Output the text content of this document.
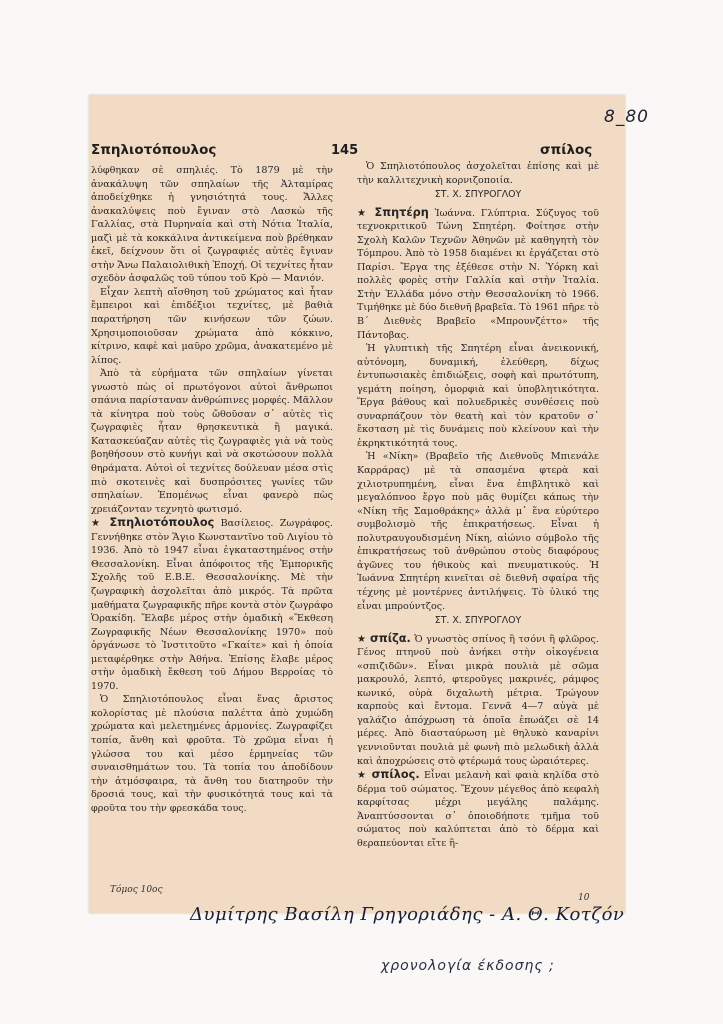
8_80
Σπηλιοτόπουλος	145	σπίλος

λύφθηκαν σὲ σπηλιές. Τὸ 1879 μὲ τὴν ἀνακάλυψη τῶν σπηλαίων τῆς Ἀλταμίρας ἀποδείχθηκε ἡ γνησιότητά τους. Ἄλλες ἀνακαλύψεις ποὺ ἔγιναν στὸ Λασκὼ τῆς Γαλλίας, στὰ Πυρηναία καὶ στὴ Νότια Ἰταλία, μαζὶ μὲ τὰ κοκκάλινα ἀντικείμενα ποὺ βρέθηκαν ἐκεῖ, δείχνουν ὅτι οἱ ζωγραφιές αὐτὲς ἔγιναν στὴν Ἄνω Παλαιολιθικὴ Ἐποχή. Οἱ τεχνίτες ἦταν σχεδὸν ἀσφαλῶς τοῦ τύπου τοῦ Κρὸ — Μανιόν.

Εἶχαν λεπτὴ αἴσθηση τοῦ χρώματος καὶ ἦταν ἔμπειροι καὶ ἐπιδέξιοι τεχνίτες, μὲ βαθιὰ παρατήρηση τῶν κινήσεων τῶν ζώων. Χρησιμοποιοῦσαν χρώματα ἀπὸ κόκκινο, κίτρινο, καφὲ καὶ μαῦρο χρῶμα, ἀνακατεμένο μὲ λίπος.

Ἀπὸ τὰ εὑρήματα τῶν σπηλαίων γίνεται γνωστὸ πὼς οἱ πρωτόγονοι αὐτοὶ ἄνθρωποι σπάνια παρίσταναν ἀνθρώπινες μορφές. Μᾶλλον τὰ κίνητρα ποὺ τοὺς ὤθοῦσαν σ᾽ αὐτὲς τὶς ζωγραφιὲς ἦταν θρησκευτικὰ ἢ μαγικά. Κατασκεύαζαν αὐτὲς τὶς ζωγραφιὲς γιὰ νὰ τοὺς βοηθήσουν στὸ κυνήγι καὶ νὰ σκοτώσουν πολλὰ θηράματα. Αὐτοὶ οἱ τεχνίτες δούλευαν μέσα στὶς πιὸ σκοτεινὲς καὶ δυσπρόσιτες γωνίες τῶν σπηλαίων. Ἑπομένως εἶναι φανερὸ πὼς χρειάζονταν τεχνητὸ φωτισμό.

★ Σπηλιοτόπουλος Βασίλειος. Ζωγράφος. Γεννήθηκε στὸν Ἅγιο Κωνσταντῖνο τοῦ Λιγίου τὸ 1936. Ἀπὸ τὸ 1947 εἶναι ἐγκαταστημένος στὴν Θεσσαλονίκη. Εἶναι ἀπόφοιτος τῆς Ἐμπορικῆς Σχολῆς τοῦ Ε.Β.Ε. Θεσσαλονίκης. Μὲ τὴν ζωγραφικὴ ἀσχολεῖται ἀπὸ μικρός. Τὰ πρῶτα μαθήματα ζωγραφικῆς πῆρε κοντὰ στὸν ζωγράφο Ὁρακίδη. Ἔλαβε μέρος στὴν ὁμαδικὴ «Ἔκθεση Ζωγραφικῆς Νέων Θεσσαλονίκης 1970» ποὺ ὀργάνωσε τὸ Ἰνστιτοῦτο «Γκαίτε» καὶ ἡ ὁποία μεταφέρθηκε στὴν Ἀθήνα. Ἐπίσης ἔλαβε μέρος στὴν ὁμαδικὴ ἔκθεση τοῦ Δήμου Βερροίας τὸ 1970.

Ὁ Σπηλιοτόπουλος εἶναι ἕνας ἄριστος κολορίστας μὲ πλούσια παλέττα ἀπὸ χυμώδη χρώματα καὶ μελετημένες ἁρμονίες. Ζωγραφίζει τοπία, ἄνθη καὶ φροῦτα. Τὸ χρῶμα εἶναι ἡ γλώσσα του καὶ μέσο ἑρμηνείας τῶν συναισθημάτων του. Τὰ τοπία του ἀποδίδουν τὴν ἀτμόσφαιρα, τὰ ἄνθη του διατηροῦν τὴν δροσιά τους, καὶ τὴν φυσικότητά τους καὶ τὰ φροῦτα του τὴν φρεσκάδα τους.

Ὁ Σπηλιοτόπουλος ἀσχολεῖται ἐπίσης καὶ μὲ τὴν καλλιτεχνικὴ κορνιζοποιία.

ΣΤ. Χ. ΣΠΥΡΟΓΛΟΥ

★ Σπητέρη Ἰωάννα. Γλύπτρια. Σύζυγος τοῦ τεχνοκριτικοῦ Τώνη Σπητέρη. Φοίτησε στὴν Σχολὴ Καλῶν Τεχνῶν Ἀθηνῶν μὲ καθηγητὴ τὸν Τόμπρου. Ἀπὸ τὸ 1958 διαμένει κι ἐργάζεται στὸ Παρίσι. Ἔργα της ἐξέθεσε στὴν Ν. Ὑόρκη καὶ πολλὲς φορὲς στὴν Γαλλία καὶ στὴν Ἰταλία. Στὴν Ἑλλάδα μόνο στὴν Θεσσαλονίκη τὸ 1966. Τιμήθηκε μὲ δύο διεθνῆ βραβεῖα. Τὸ 1961 πῆρε τὸ Β΄ Διεθνὲς Βραβεῖο «Μπρουνζέττο» τῆς Πάντοβας.

Ἡ γλυπτικὴ τῆς Σπητέρη εἶναι ἀνεικονική, αὐτόνομη, δυναμική, ἐλεύθερη, δίχως ἐντυπωσιακὲς ἐπιδιώξεις, σοφὴ καὶ πρωτότυπη, γεμάτη ποίηση, ὁμορφιὰ καὶ ὑποβλητικότητα. Ἔργα βάθους καὶ πολυεδρικὲς συνθέσεις ποὺ συναρπάζουν τὸν θεατὴ καὶ τὸν κρατοῦν σ᾽ ἔκσταση μὲ τὶς δυνάμεις ποὺ κλείνουν καὶ τὴν ἐκρηκτικότητά τους.

Ἡ «Νίκη» (Βραβεῖο τῆς Διεθνοῦς Μπιενάλε Καρράρας) μὲ τὰ σπασμένα φτερὰ καὶ χιλιοτρυπημένη, εἶναι ἕνα ἐπιβλητικὸ καὶ μεγαλόπνοο ἔργο ποὺ μᾶς θυμίζει κάπως τὴν «Νίκη τῆς Σαμοθράκης» ἀλλὰ μ᾽ ἕνα εὐρύτερο συμβολισμὸ τῆς ἐπικρατήσεως. Εἶναι ἡ πολυτραυγουδισμένη Νίκη, αἰώνιο σύμβολο τῆς ἐπικρατήσεως τοῦ ἀνθρώπου στοὺς διαφόρους ἀγῶνες του ἠθικοὺς καὶ πνευματικούς. Ἡ Ἰωάννα Σπητέρη κινεῖται σὲ διεθνῆ σφαίρα τῆς τέχνης μὲ μοντέρνες ἀντιλήψεις. Τὸ ὑλικό της εἶναι μπρούντζος.

ΣΤ. Χ. ΣΠΥΡΟΓΛΟΥ

★ σπίζα. Ὁ γνωστὸς σπίνος ἢ τσόνι ἢ φλῶρος. Γένος πτηνοῦ ποὺ ἀνήκει στὴν οἰκογένεια «σπιζιδῶν». Εἶναι μικρὰ πουλιὰ μὲ σῶμα μακρουλό, λεπτό, φτεροῦγες μακρινές, ράμφος κωνικό, οὐρὰ διχαλωτὴ μέτρια. Τρώγουν καρποὺς καὶ ἔντομα. Γεννᾶ 4—7 αὐγὰ μὲ γαλάζιο ἀπόχρωση τὰ ὁποῖα ἐπωάζει σὲ 14 μέρες. Ἀπὸ διασταύρωση μὲ θηλυκὸ καναρίνι γεννιοῦνται πουλιὰ μὲ φωνὴ πιὸ μελωδικὴ ἀλλὰ καὶ ἀποχρώσεις στὸ φτέρωμά τους ὡραιότερες.

★ σπίλος. Εἶναι μελανὴ καὶ φαιὰ κηλίδα στὸ δέρμα τοῦ σώματος. Ἔχουν μέγεθος ἀπὸ κεφαλὴ καρφίτσας μέχρι μεγάλης παλάμης. Ἀναπτύσσονται σ᾽ ὁποιοδήποτε τμῆμα τοῦ σώματος ποὺ καλύπτεται ἀπὸ τὸ δέρμα καὶ θεραπεύονται εἴτε ἢ-

Τόμος 10ος
10
Δυμίτρης Βασίλη Γρηγοριάδης - Α. Θ. Κοτζόν
χρονολογία έκδοσης ;
